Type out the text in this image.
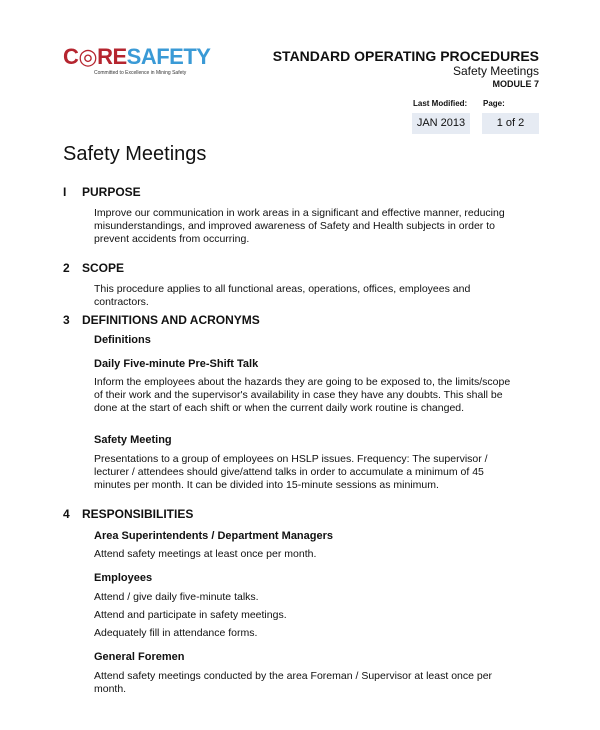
C◎RESAFETY
Committed to Excellence in Mining Safety
STANDARD OPERATING PROCEDURES
Safety Meetings
MODULE 7
Last Modified: Page:
JAN 2013	1 of 2
Safety Meetings
I PURPOSE
Improve our communication in work areas in a significant and effective manner, reducing misunderstandings, and improved awareness of Safety and Health subjects in order to prevent accidents from occurring.
2 SCOPE
This procedure applies to all functional areas, operations, offices, employees and contractors.
3 DEFINITIONS AND ACRONYMS
Definitions
Daily Five-minute Pre-Shift Talk
Inform the employees about the hazards they are going to be exposed to, the limits/scope of their work and the supervisor's availability in case they have any doubts. This shall be done at the start of each shift or when the current daily work routine is changed.
Safety Meeting
Presentations to a group of employees on HSLP issues. Frequency: The supervisor / lecturer / attendees should give/attend talks in order to accumulate a minimum of 45 minutes per month. It can be divided into 15-minute sessions as minimum.
4 RESPONSIBILITIES
Area Superintendents / Department Managers
Attend safety meetings at least once per month.
Employees
Attend / give daily five-minute talks.
Attend and participate in safety meetings.
Adequately fill in attendance forms.
General Foremen
Attend safety meetings conducted by the area Foreman / Supervisor at least once per month.
